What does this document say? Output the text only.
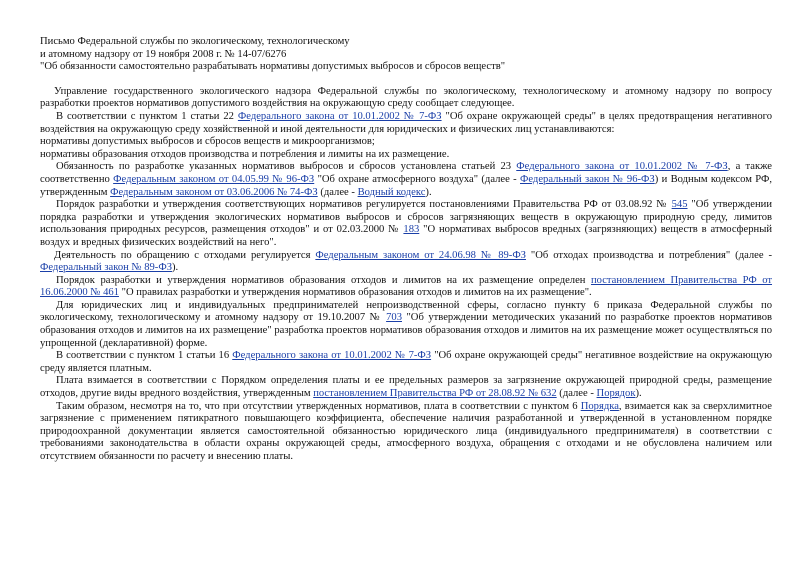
Письмо Федеральной службы по экологическому, технологическому
и атомному надзору от 19 ноября 2008 г. № 14-07/6276
"Об обязанности самостоятельно разрабатывать нормативы допустимых выбросов и сбросов веществ"

Управление государственного экологического надзора Федеральной службы по экологическому, технологическому и атомному надзору по вопросу разработки проектов нормативов допустимого воздействия на окружающую среду сообщает следующее.

В соответствии с пунктом 1 статьи 22 Федерального закона от 10.01.2002 № 7-ФЗ "Об охране окружающей среды" в целях предотвращения негативного воздействия на окружающую среду хозяйственной и иной деятельности для юридических и физических лиц устанавливаются:

нормативы допустимых выбросов и сбросов веществ и микроорганизмов;

нормативы образования отходов производства и потребления и лимиты на их размещение.

Обязанность по разработке указанных нормативов выбросов и сбросов установлена статьей 23 Федерального закона от 10.01.2002 № 7-ФЗ, а также соответственно Федеральным законом от 04.05.99 № 96-ФЗ "Об охране атмосферного воздуха" (далее - Федеральный закон № 96-ФЗ) и Водным кодексом РФ, утвержденным Федеральным законом от 03.06.2006 № 74-ФЗ (далее - Водный кодекс).

Порядок разработки и утверждения соответствующих нормативов регулируется постановлениями Правительства РФ от 03.08.92 № 545 "Об утверждении порядка разработки и утверждения экологических нормативов выбросов и сбросов загрязняющих веществ в окружающую природную среду, лимитов использования природных ресурсов, размещения отходов" и от 02.03.2000 № 183 "О нормативах выбросов вредных (загрязняющих) веществ в атмосферный воздух и вредных физических воздействий на него".

Деятельность по обращению с отходами регулируется Федеральным законом от 24.06.98 № 89-ФЗ "Об отходах производства и потребления" (далее - Федеральный закон № 89-ФЗ).

Порядок разработки и утверждения нормативов образования отходов и лимитов на их размещение определен постановлением Правительства РФ от 16.06.2000 № 461 "О правилах разработки и утверждения нормативов образования отходов и лимитов на их размещение".

Для юридических лиц и индивидуальных предпринимателей непроизводственной сферы, согласно пункту 6 приказа Федеральной службы по экологическому, технологическому и атомному надзору от 19.10.2007 № 703 "Об утверждении методических указаний по разработке проектов нормативов образования отходов и лимитов на их размещение" разработка проектов нормативов образования отходов и лимитов на их размещение может осуществляться по упрощенной (декларативной) форме.

В соответствии с пунктом 1 статьи 16 Федерального закона от 10.01.2002 № 7-ФЗ "Об охране окружающей среды" негативное воздействие на окружающую среду является платным.

Плата взимается в соответствии с Порядком определения платы и ее предельных размеров за загрязнение окружающей природной среды, размещение отходов, другие виды вредного воздействия, утвержденным постановлением Правительства РФ от 28.08.92 № 632 (далее - Порядок).

Таким образом, несмотря на то, что при отсутствии утвержденных нормативов, плата в соответствии с пунктом 6 Порядка, взимается как за сверхлимитное загрязнение с применением пятикратного повышающего коэффициента, обеспечение наличия разработанной и утвержденной в установленном порядке природоохранной документации является самостоятельной обязанностью юридического лица (индивидуального предпринимателя) в соответствии с требованиями законодательства в области охраны окружающей среды, атмосферного воздуха, обращения с отходами и не обусловлена наличием или отсутствием обязанности по расчету и внесению платы.
